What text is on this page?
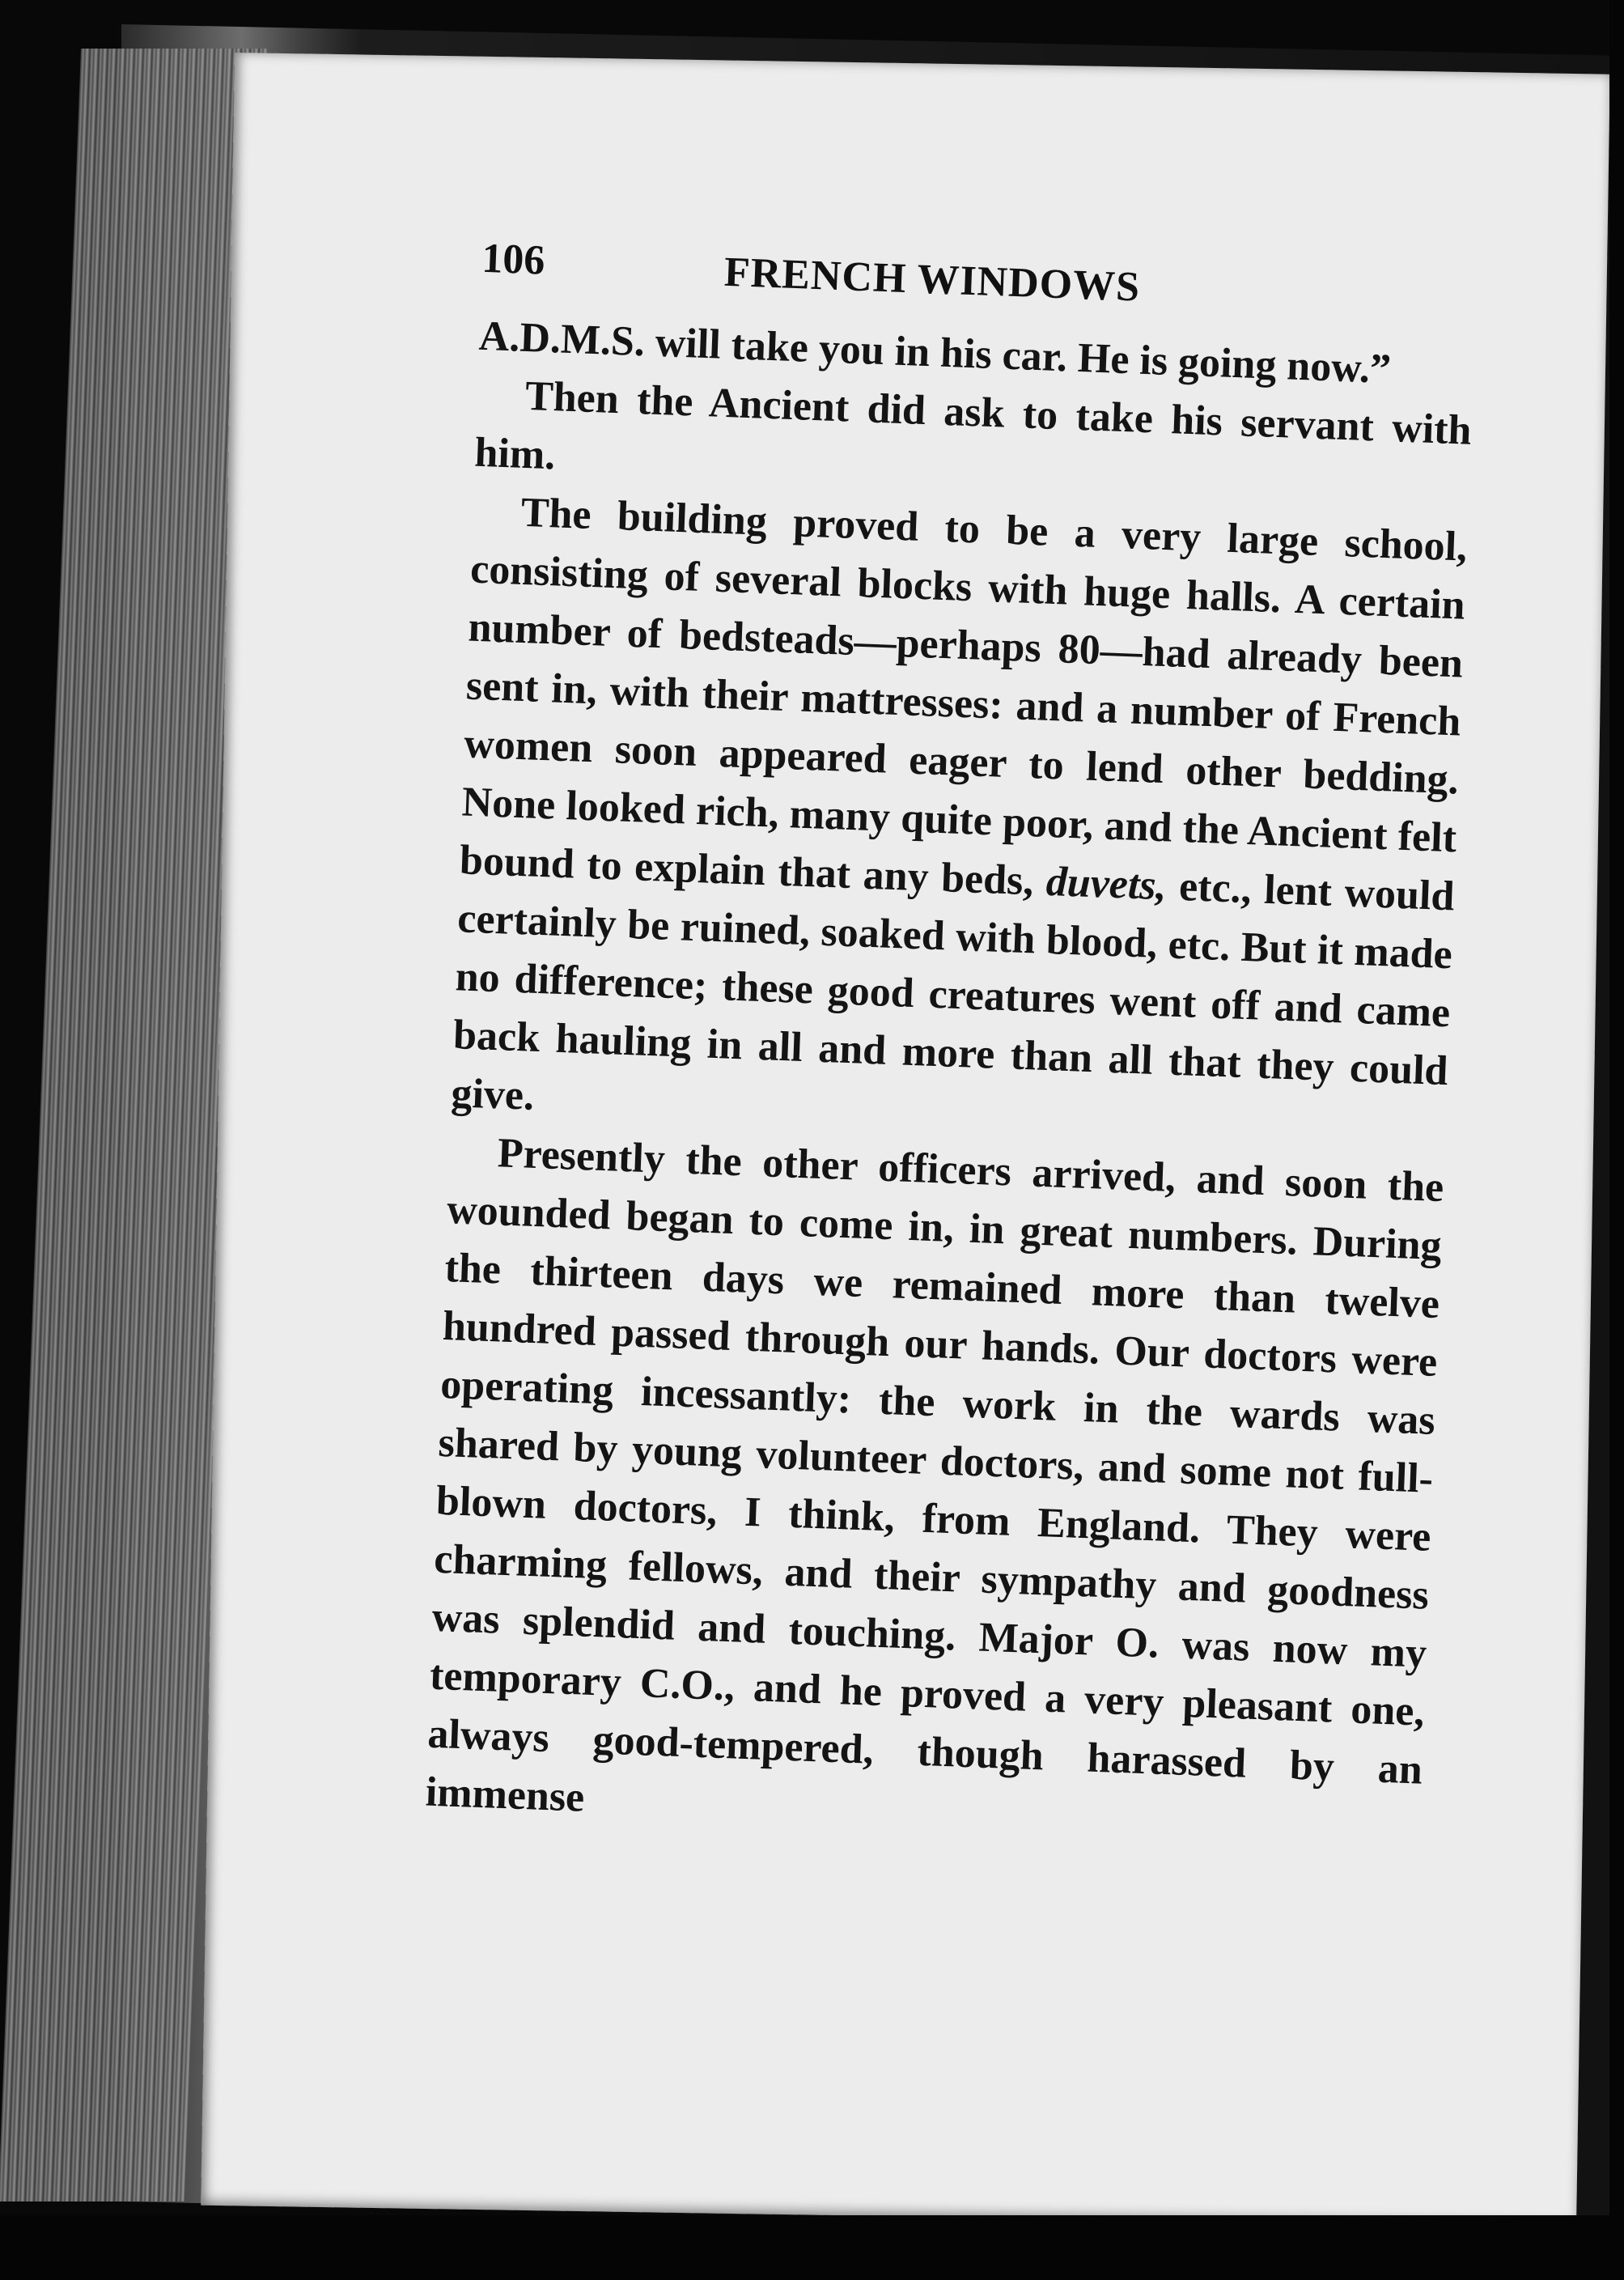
106	FRENCH WINDOWS

A.D.M.S. will take you in his car. He is going now.”

Then the Ancient did ask to take his servant with him.

The building proved to be a very large school, consisting of several blocks with huge halls. A certain number of bedsteads—perhaps 80—had already been sent in, with their mattresses: and a number of French women soon appeared eager to lend other bedding. None looked rich, many quite poor, and the Ancient felt bound to explain that any beds, duvets, etc., lent would certainly be ruined, soaked with blood, etc. But it made no difference; these good creatures went off and came back hauling in all and more than all that they could give.

Presently the other officers arrived, and soon the wounded began to come in, in great numbers. During the thirteen days we remained more than twelve hundred passed through our hands. Our doctors were operating incessantly: the work in the wards was shared by young volunteer doctors, and some not full-blown doctors, I think, from England. They were charming fellows, and their sympathy and goodness was splendid and touching. Major O. was now my temporary C.O., and he proved a very pleasant one, always good-tempered, though harassed by an immense
